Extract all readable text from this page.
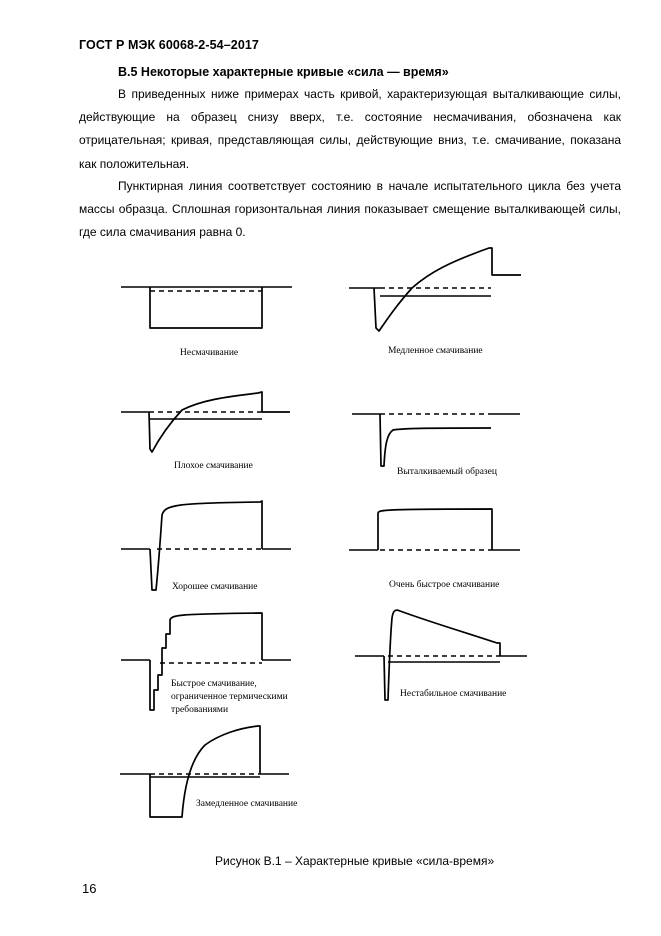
ГОСТ Р МЭК 60068-2-54–2017
В.5 Некоторые характерные кривые «сила — время»

В приведенных ниже примерах часть кривой, характеризующая выталкивающие силы, действующие на образец снизу вверх, т.е. состояние несмачивания, обозначена как отрицательная; кривая, представляющая силы, действующие вниз, т.е. смачивание, показана как положительная.

Пунктирная линия соответствует состоянию в начале испытательного цикла без учета массы образца. Сплошная горизонтальная линия показывает смещение выталкивающей силы, где сила смачивания равна 0.

Несмачивание	Медленное смачивание
Плохое смачивание
Выталкиваемый образец
Хорошее смачивание	Очень быстрое смачивание
Быстрое смачивание,
ограниченное термическими
требованиями
Нестабильное смачивание
Замедленное смачивание
Рисунок В.1 – Характерные кривые «сила-время»
16
